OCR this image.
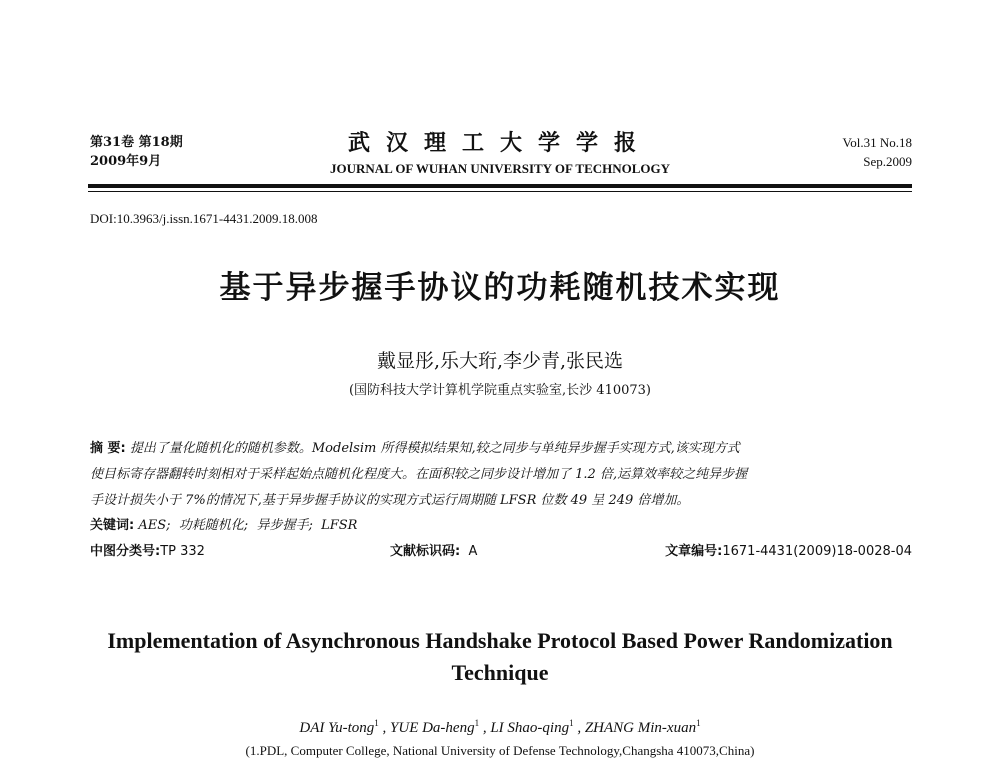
第31卷 第18期
2009年9月
武汉理工大学学报
JOURNAL OF WUHAN UNIVERSITY OF TECHNOLOGY
Vol.31 No.18
Sep.2009
DOI:10.3963/j.issn.1671-4431.2009.18.008
基于异步握手协议的功耗随机技术实现
戴显彤,乐大珩,李少青,张民选
(国防科技大学计算机学院重点实验室,长沙 410073)
摘 要: 提出了量化随机化的随机参数。Modelsim 所得模拟结果知,较之同步与单纯异步握手实现方式,该实现方式
使目标寄存器翻转时刻相对于采样起始点随机化程度大。在面积较之同步设计增加了 1.2 倍,运算效率较之纯异步握
手设计损失小于 7%的情况下,基于异步握手协议的实现方式运行周期随 LFSR 位数 49 呈 249 倍增加。
关键词: AES; 功耗随机化; 异步握手; LFSR
中图分类号:TP 332	文献标识码: A	文章编号:1671-4431(2009)18-0028-04
Implementation of Asynchronous Handshake Protocol Based Power Randomization Technique
DAI Yu-tong$^1$ , YUE Da-heng$^1$ , LI Shao-qing$^1$ , ZHANG Min-xuan$^1$
(1.PDL, Computer College, National University of Defense Technology,Changsha 410073,China)
